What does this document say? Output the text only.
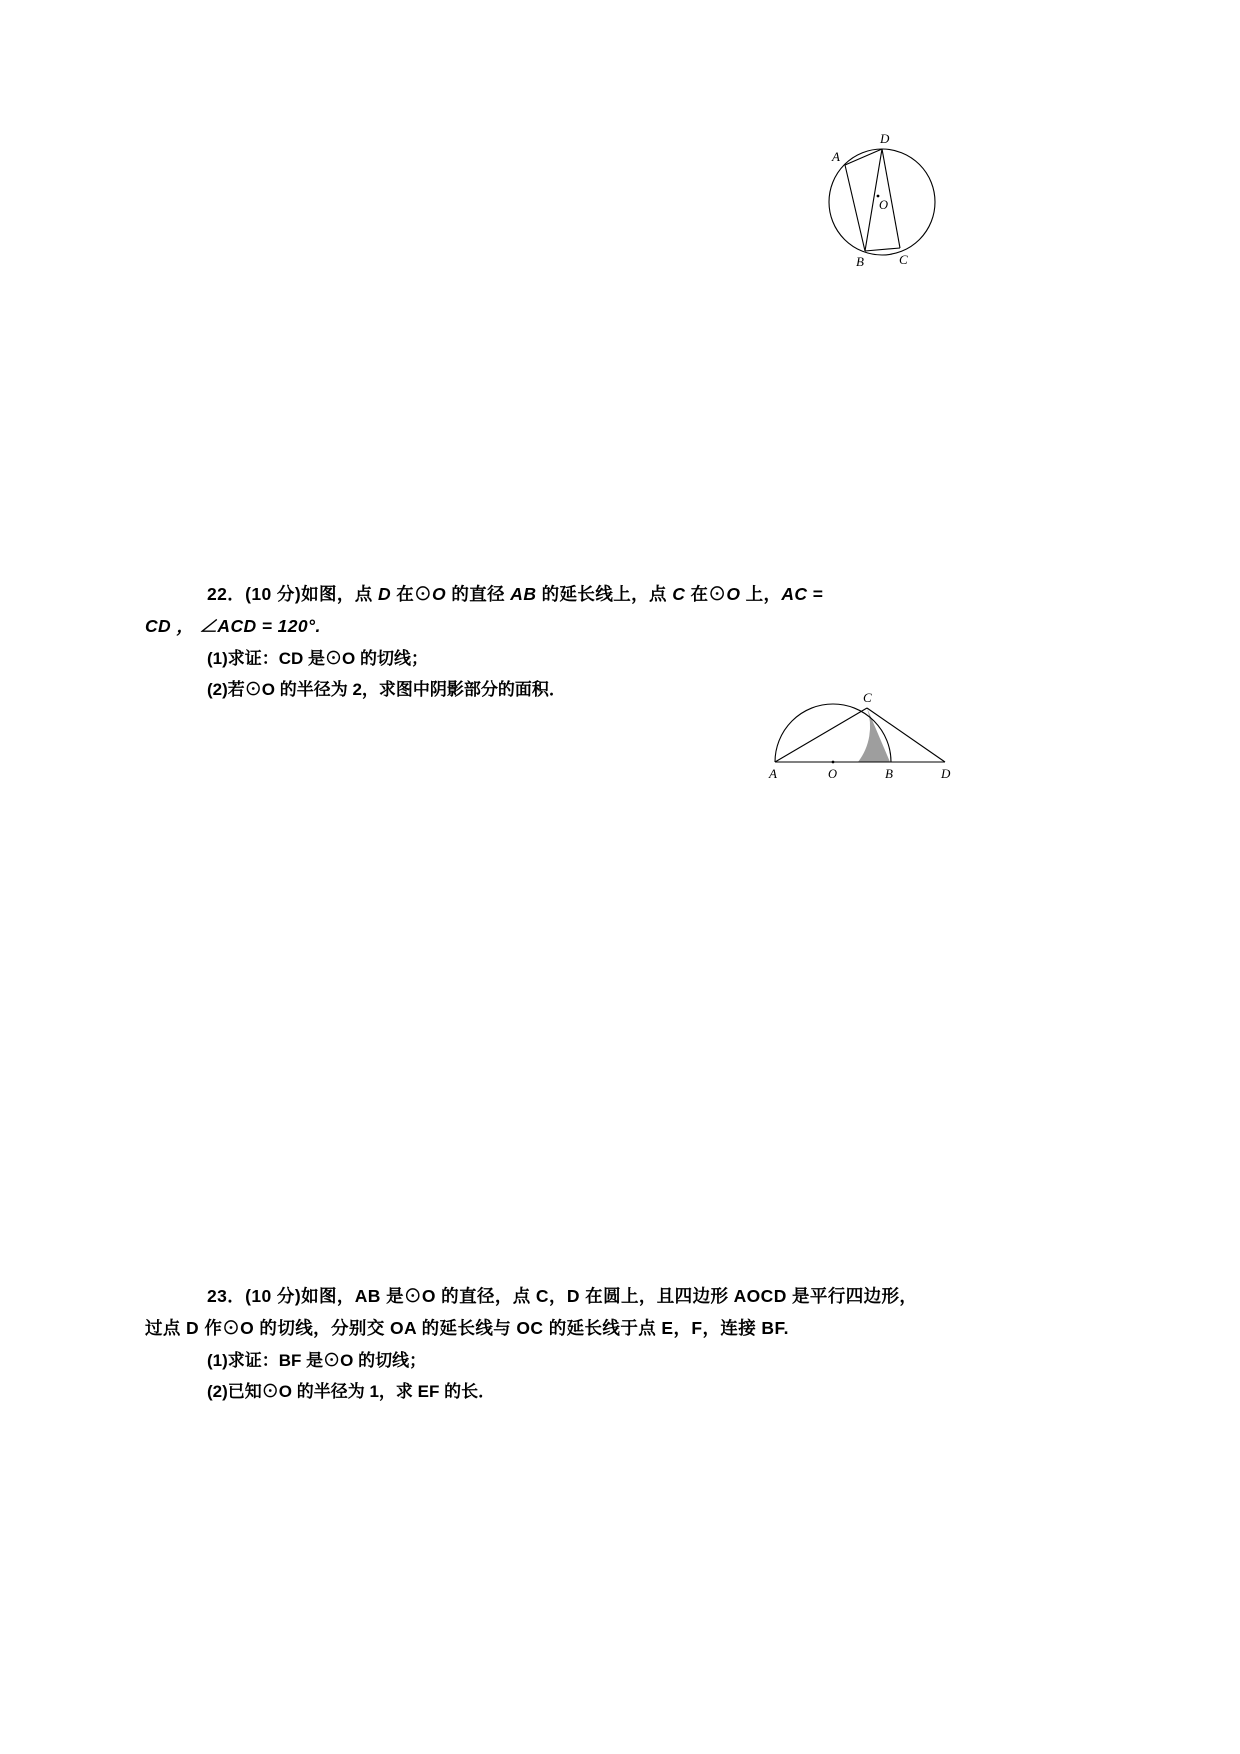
A
D
B	C
O
22．(10 分)如图，点 D 在⊙O 的直径 AB 的延长线上，点 C 在⊙O 上，AC =
CD ， ∠ACD = 120°.
(1)求证：CD 是⊙O 的切线；
(2)若⊙O 的半径为 2，求图中阴影部分的面积．	C
A	O	B	D
23．(10 分)如图，AB 是⊙O 的直径，点 C，D 在圆上，且四边形 AOCD 是平行四边形，
过点 D 作⊙O 的切线，分别交 OA 的延长线与 OC 的延长线于点 E，F，连接 BF.
(1)求证：BF 是⊙O 的切线；
(2)已知⊙O 的半径为 1，求 EF 的长．
